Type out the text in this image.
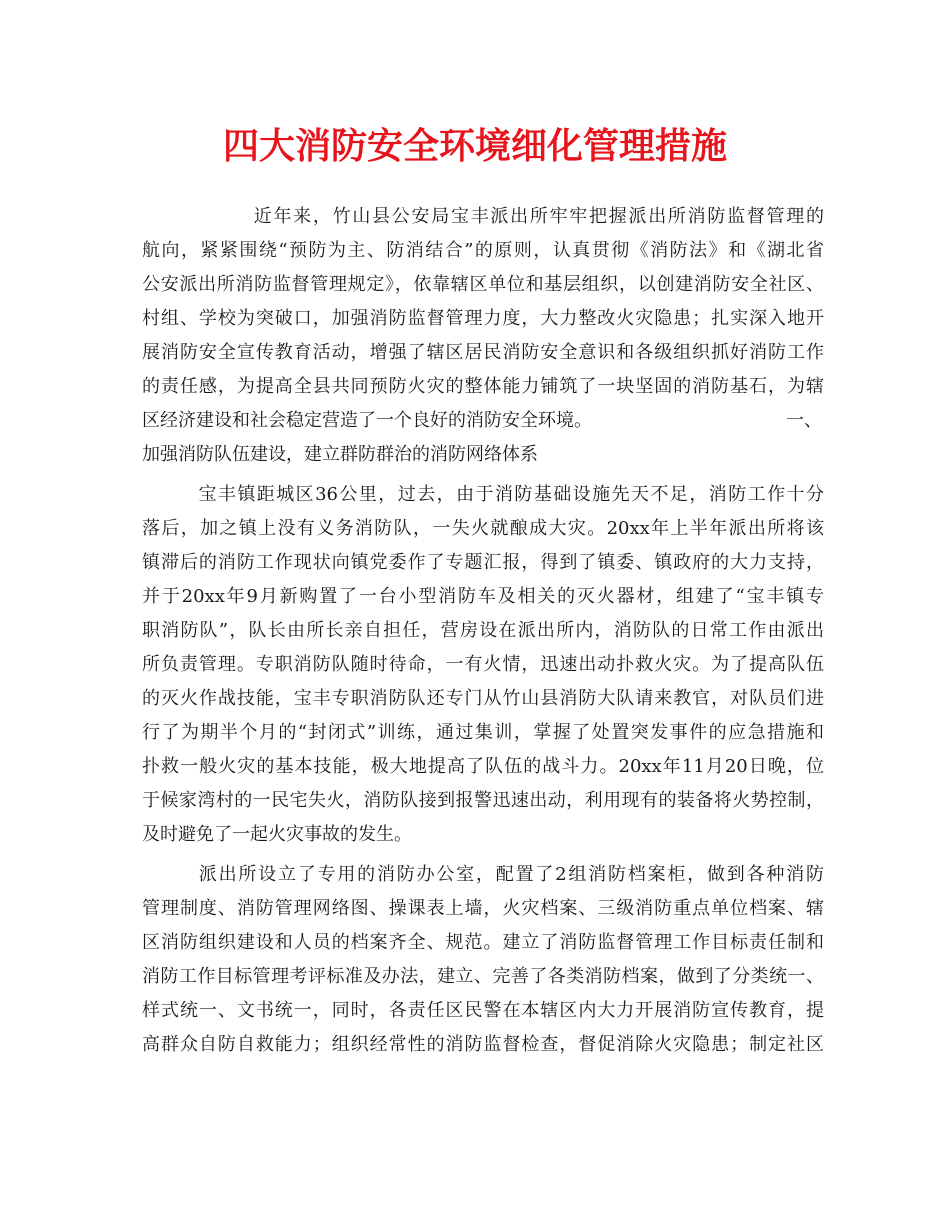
四大消防安全环境细化管理措施
近年来，竹山县公安局宝丰派出所牢牢把握派出所消防监督管理的
航向，紧紧围绕“预防为主、防消结合”的原则，认真贯彻《消防法》和《湖北省
公安派出所消防监督管理规定》，依靠辖区单位和基层组织，以创建消防安全社区、
村组、学校为突破口，加强消防监督管理力度，大力整改火灾隐患；扎实深入地开
展消防安全宣传教育活动，增强了辖区居民消防安全意识和各级组织抓好消防工作
的责任感，为提高全县共同预防火灾的整体能力铺筑了一块坚固的消防基石，为辖
区经济建设和社会稳定营造了一个良好的消防安全环境。	一、
加强消防队伍建设，建立群防群治的消防网络体系
宝丰镇距城区36公里，过去，由于消防基础设施先天不足，消防工作十分
落后，加之镇上没有义务消防队，一失火就酿成大灾。20xx年上半年派出所将该
镇滞后的消防工作现状向镇党委作了专题汇报，得到了镇委、镇政府的大力支持，
并于20xx年9月新购置了一台小型消防车及相关的灭火器材，组建了“宝丰镇专
职消防队”，队长由所长亲自担任，营房设在派出所内，消防队的日常工作由派出
所负责管理。专职消防队随时待命，一有火情，迅速出动扑救火灾。为了提高队伍
的灭火作战技能，宝丰专职消防队还专门从竹山县消防大队请来教官，对队员们进
行了为期半个月的“封闭式”训练，通过集训，掌握了处置突发事件的应急措施和
扑救一般火灾的基本技能，极大地提高了队伍的战斗力。20xx年11月20日晚，位
于候家湾村的一民宅失火，消防队接到报警迅速出动，利用现有的装备将火势控制，
及时避免了一起火灾事故的发生。
派出所设立了专用的消防办公室，配置了2组消防档案柜，做到各种消防
管理制度、消防管理网络图、操课表上墙，火灾档案、三级消防重点单位档案、辖
区消防组织建设和人员的档案齐全、规范。建立了消防监督管理工作目标责任制和
消防工作目标管理考评标准及办法，建立、完善了各类消防档案，做到了分类统一、
样式统一、文书统一，同时，各责任区民警在本辖区内大力开展消防宣传教育，提
高群众自防自救能力；组织经常性的消防监督检查，督促消除火灾隐患；制定社区
